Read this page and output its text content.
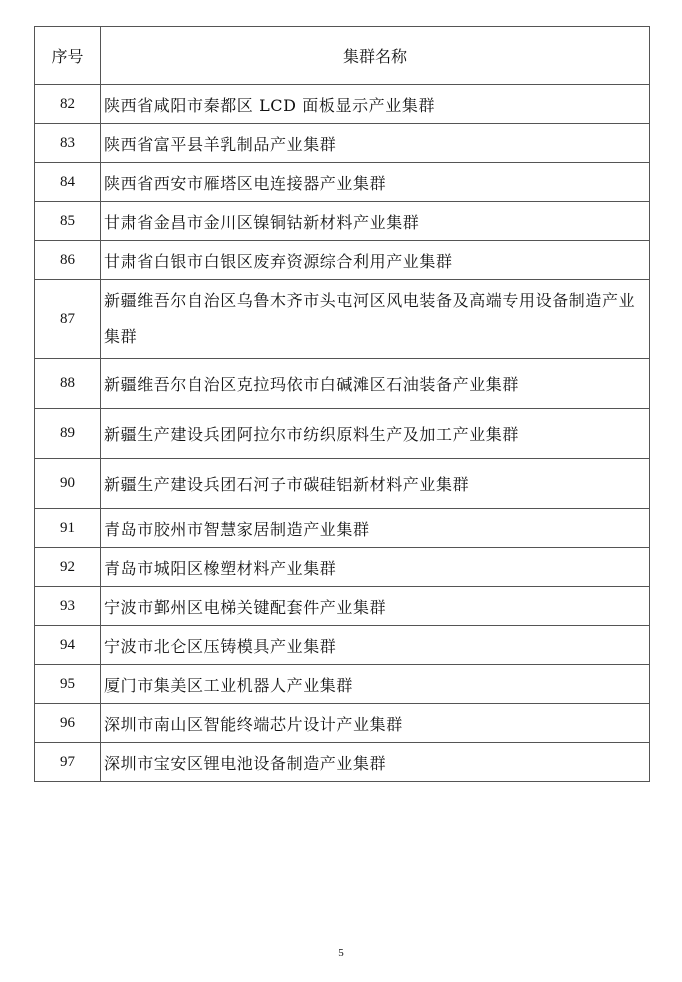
序号	集群名称
82	陕西省咸阳市秦都区 LCD 面板显示产业集群
83	陕西省富平县羊乳制品产业集群
84	陕西省西安市雁塔区电连接器产业集群
85	甘肃省金昌市金川区镍铜钴新材料产业集群
86	甘肃省白银市白银区废弃资源综合利用产业集群
87	新疆维吾尔自治区乌鲁木齐市头屯河区风电装备及高端专用设备制造产业集群
88	新疆维吾尔自治区克拉玛依市白碱滩区石油装备产业集群
89	新疆生产建设兵团阿拉尔市纺织原料生产及加工产业集群
90	新疆生产建设兵团石河子市碳硅铝新材料产业集群
91	青岛市胶州市智慧家居制造产业集群
92	青岛市城阳区橡塑材料产业集群
93	宁波市鄞州区电梯关键配套件产业集群
94	宁波市北仑区压铸模具产业集群
95	厦门市集美区工业机器人产业集群
96	深圳市南山区智能终端芯片设计产业集群
97	深圳市宝安区锂电池设备制造产业集群
5
